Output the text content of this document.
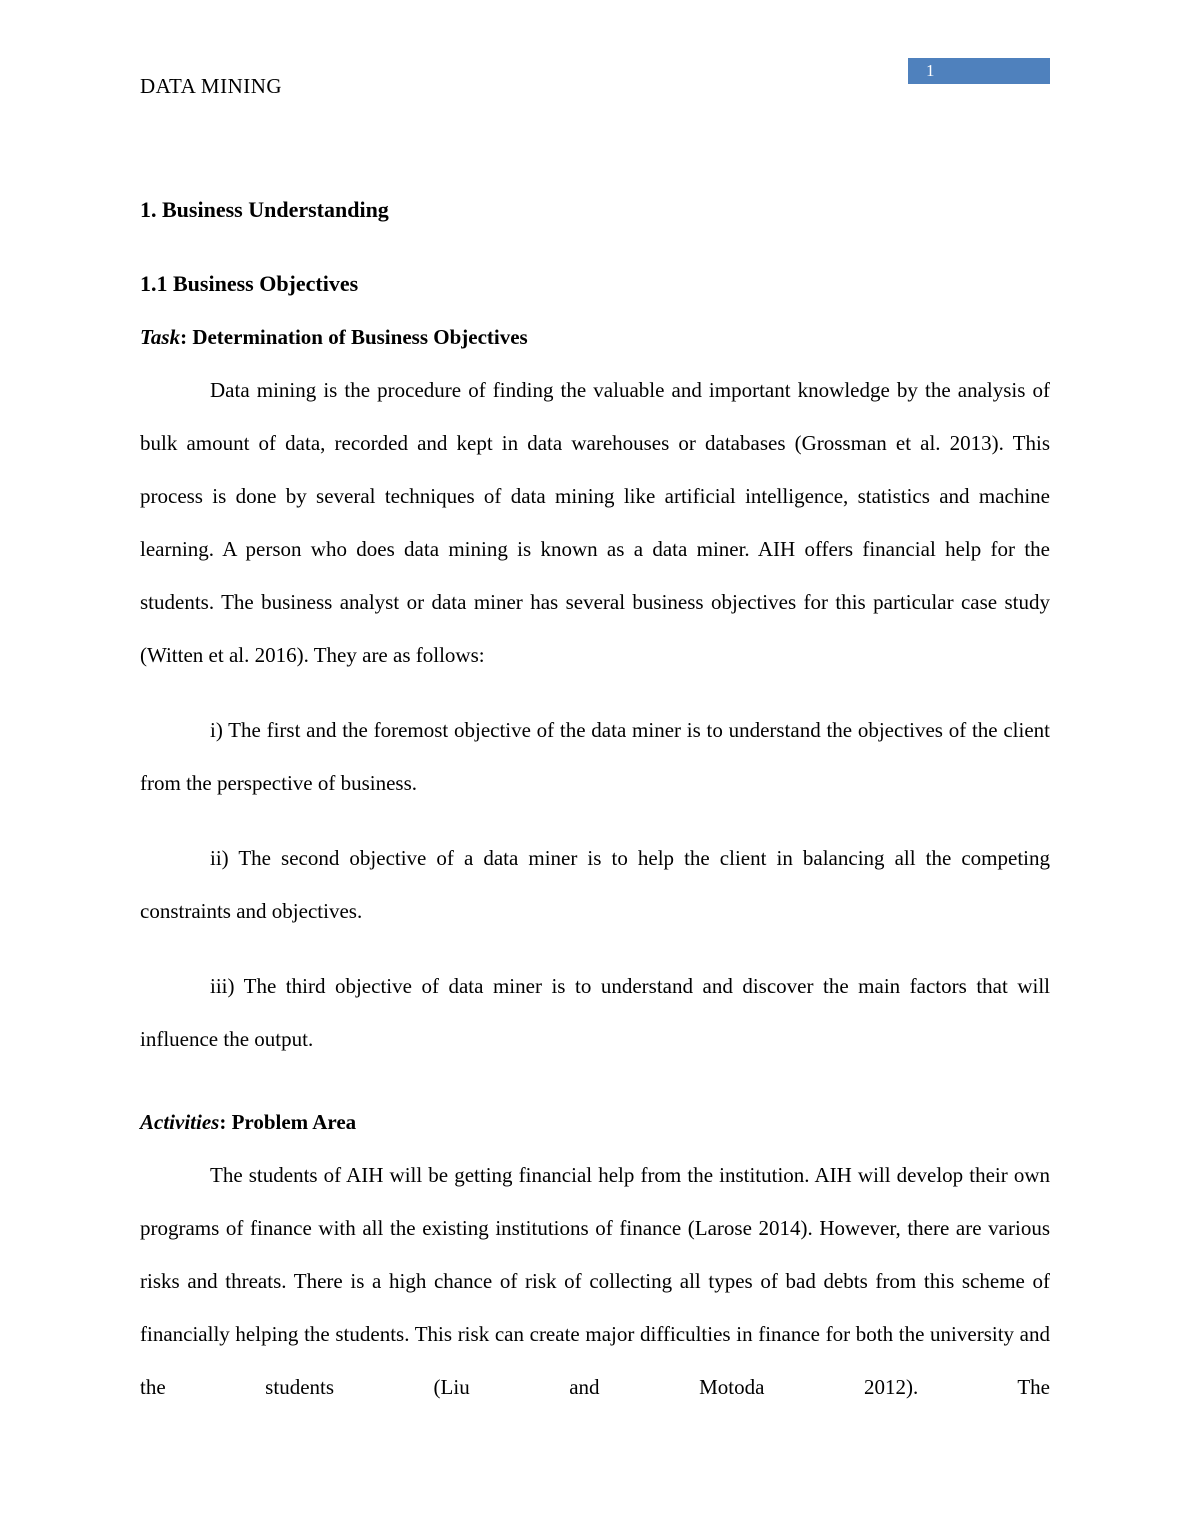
DATA MINING
1
1. Business Understanding
1.1 Business Objectives

Task: Determination of Business Objectives

Data mining is the procedure of finding the valuable and important knowledge by the analysis of bulk amount of data, recorded and kept in data warehouses or databases (Grossman et al. 2013). This process is done by several techniques of data mining like artificial intelligence, statistics and machine learning. A person who does data mining is known as a data miner. AIH offers financial help for the students. The business analyst or data miner has several business objectives for this particular case study (Witten et al. 2016). They are as follows:

i) The first and the foremost objective of the data miner is to understand the objectives of the client from the perspective of business.

ii) The second objective of a data miner is to help the client in balancing all the competing constraints and objectives.

iii) The third objective of data miner is to understand and discover the main factors that will influence the output.

Activities: Problem Area

The students of AIH will be getting financial help from the institution. AIH will develop their own programs of finance with all the existing institutions of finance (Larose 2014). However, there are various risks and threats. There is a high chance of risk of collecting all types of bad debts from this scheme of financially helping the students. This risk can create major difficulties in finance for both the university and the students (Liu and Motoda 2012). The
